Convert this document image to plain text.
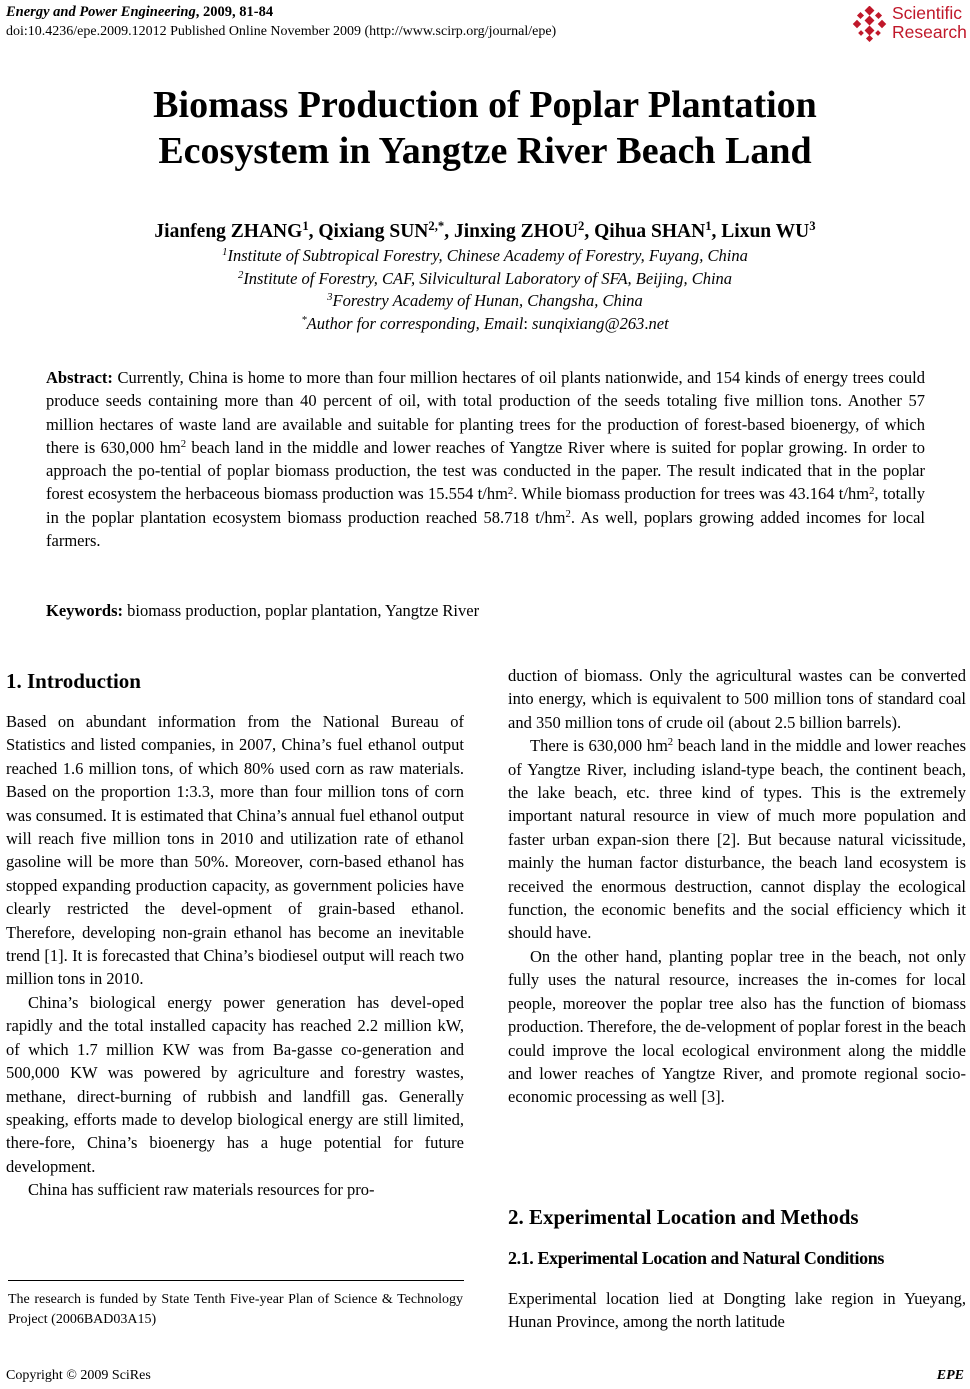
Energy and Power Engineering, 2009, 81-84
doi:10.4236/epe.2009.12012 Published Online November 2009 (http://www.scirp.org/journal/epe)
Scientific
Research
Biomass Production of Poplar Plantation
Ecosystem in Yangtze River Beach Land
Jianfeng ZHANG$^1$, Qixiang $SUN^{2,*}$, Jinxing ZHOU$^2$, Qihua SHAN$^1$, Lixun $WU^3$
$^1$Institute of Subtropical Forestry, Chinese Academy of Forestry, Fuyang, China
$^2$Institute of Forestry, CAF, Silvicultural Laboratory of SFA, Beijing, China
$^3$Forestry Academy of Hunan, Changsha, China
*Author for corresponding, Email: sunqixiang@263.net
Abstract: Currently, China is home to more than four million hectares of oil plants nationwide, and 154 kinds of energy trees could produce seeds containing more than 40 percent of oil, with total production of the seeds totaling five million tons. Another 57 million hectares of waste land are available and suitable for planting trees for the production of forest-based bioenergy, of which there is 630,000 $hm^2$ beach land in the middle and lower reaches of Yangtze River where is suited for poplar growing. In order to approach the po-tential of poplar biomass production, the test was conducted in the paper. The result indicated that in the poplar forest ecosystem the herbaceous biomass production was 15.554 $t/hm^2$. While biomass production for trees was 43.164 $t/hm^2$, totally in the poplar plantation ecosystem biomass production reached 58.718 $t/hm^2$. As well, poplars growing added incomes for local farmers.
Keywords: biomass production, poplar plantation, Yangtze River
1. Introduction

Based on abundant information from the National Bureau of Statistics and listed companies, in 2007, China’s fuel ethanol output reached 1.6 million tons, of which 80% used corn as raw materials. Based on the proportion 1:3.3, more than four million tons of corn was consumed. It is estimated that China’s annual fuel ethanol output will reach five million tons in 2010 and utilization rate of ethanol gasoline will be more than 50%. Moreover, corn-based ethanol has stopped expanding production capacity, as government policies have clearly restricted the devel-opment of grain-based ethanol. Therefore, developing non-grain ethanol has become an inevitable trend [1]. It is forecasted that China’s biodiesel output will reach two million tons in 2010.

China’s biological energy power generation has devel-oped rapidly and the total installed capacity has reached 2.2 million kW, of which 1.7 million KW was from Ba-gasse co-generation and 500,000 KW was powered by agriculture and forestry wastes, methane, direct-burning of rubbish and landfill gas. Generally speaking, efforts made to develop biological energy are still limited, there-fore, China’s bioenergy has a huge potential for future development.

China has sufficient raw materials resources for pro-

The research is funded by State Tenth Five-year Plan of Science & Technology Project (2006BAD03A15)

duction of biomass. Only the agricultural wastes can be converted into energy, which is equivalent to 500 million tons of standard coal and 350 million tons of crude oil (about 2.5 billion barrels).

There is 630,000 $hm^2$ beach land in the middle and lower reaches of Yangtze River, including island-type beach, the continent beach, the lake beach, etc. three kind of types. This is the extremely important natural resource in view of much more population and faster urban expan-sion there [2]. But because natural vicissitude, mainly the human factor disturbance, the beach land ecosystem is received the enormous destruction, cannot display the ecological function, the economic benefits and the social efficiency which it should have.

On the other hand, planting poplar tree in the beach, not only fully uses the natural resource, increases the in-comes for local people, moreover the poplar tree also has the function of biomass production. Therefore, the de-velopment of poplar forest in the beach could improve the local ecological environment along the middle and lower reaches of Yangtze River, and promote regional socio-economic processing as well [3].

2. Experimental Location and Methods
2.1. Experimental Location and Natural Conditions

Experimental location lied at Dongting lake region in Yueyang, Hunan Province, among the north latitude

Copyright © 2009 SciRes	EPE
